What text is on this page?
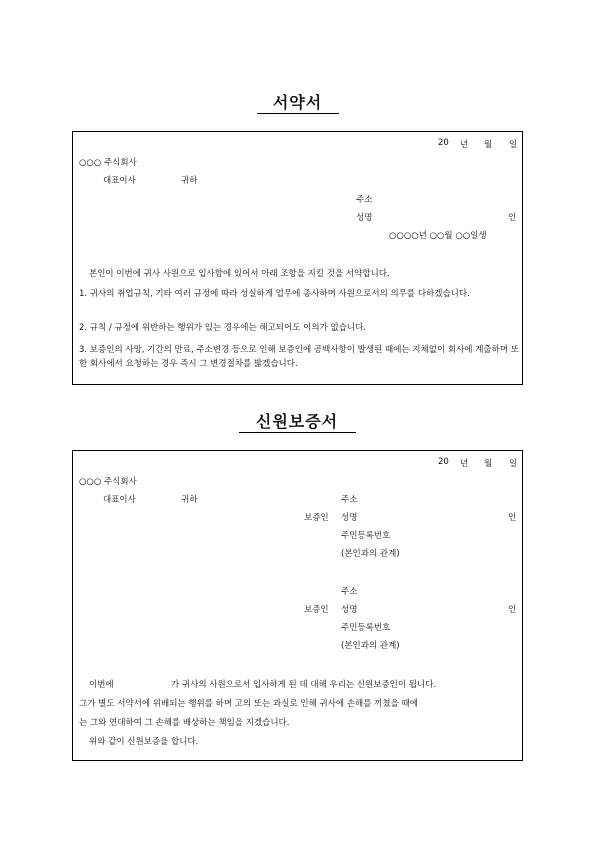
서약서
20 년 월 일
○○○ 주식회사
대표이사	귀하
주소
성명	인
○○○○년 ○○월 ○○일생
본인이 이번에 귀사 사원으로 입사함에 있어서 아래 조항을 지킬 것을 서약합니다.
1. 귀사의 취업규칙, 기타 여러 규정에 따라 성실하게 업무에 종사하며 사원으로서의 의무를 다하겠습니다.
2. 규칙 / 규정에 위반하는 행위가 있는 경우에는 해고되어도 이의가 없습니다.
3. 보증인의 사망, 기간의 만료, 주소변경 등으로 인해 보증인에 공백사항이 발생된 때에는 지체없이 회사에 계출하며 또한 회사에서 요청하는 경우 즉시 그 변경절차를 밟겠습니다.
신원보증서
20 년 월 일
○○○ 주식회사
대표이사	귀하	주소
보증인 성명	인
주민등록번호
(본인과의 관계)
주소
보증인 성명	인
주민등록번호
(본인과의 관계)
이번에	가 귀사의 사원으로서 입사하게 된 데 대해 우리는 신원보증인이 됩니다.
그가 별도 서약서에 위배되는 행위를 하며 고의 또는 과실로 인해 귀사에 손해를 끼쳤을 때에
는 그와 연대하여 그 손해를 배상하는 책임을 지겠습니다.
위와 같이 신원보증을 합니다.
